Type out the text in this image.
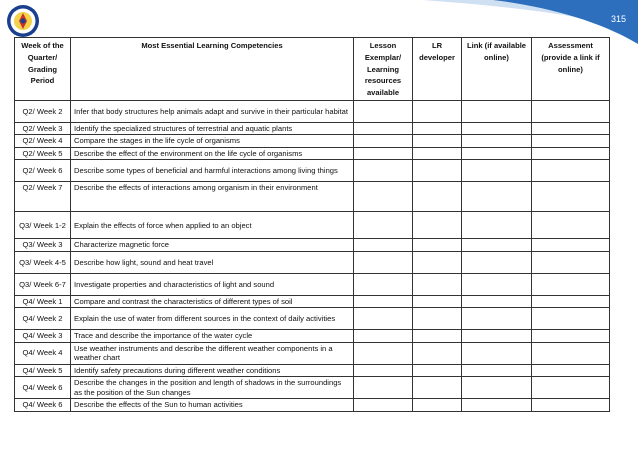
315
Week of the Quarter/ Grading Period	Most Essential Learning Competencies	Lesson Exemplar/ Learning resources available	LR developer	Link (if available online)	Assessment (provide a link if online)
Q2/ Week 2	Infer that body structures help animals adapt and survive in their particular habitat				
Q2/ Week 3	Identify the specialized structures of terrestrial and aquatic plants				
Q2/ Week 4	Compare the stages in the life cycle of organisms				
Q2/ Week 5	Describe the effect of the environment on the life cycle of organisms				
Q2/ Week 6	Describe some types of beneficial and harmful interactions among living things				
Q2/ Week 7	Describe the effects of interactions among organism in their environment				
Q3/ Week 1-2	Explain the effects of force when applied to an object				
Q3/ Week 3	Characterize magnetic force				
Q3/ Week 4-5	Describe how light, sound and heat travel				
Q3/ Week 6-7	Investigate properties and characteristics of light and sound				
Q4/ Week 1	Compare and contrast the characteristics of different types of soil				
Q4/ Week 2	Explain the use of water from different sources in the context of daily activities				
Q4/ Week 3	Trace and describe the importance of the water cycle				
Q4/ Week 4	Use weather instruments and describe the different weather components in a weather chart				
Q4/ Week 5	Identify safety precautions during different weather conditions				
Q4/ Week 6	Describe the changes in the position and length of shadows in the surroundings as the position of the Sun changes				
Q4/ Week 6	Describe the effects of the Sun to human activities				
